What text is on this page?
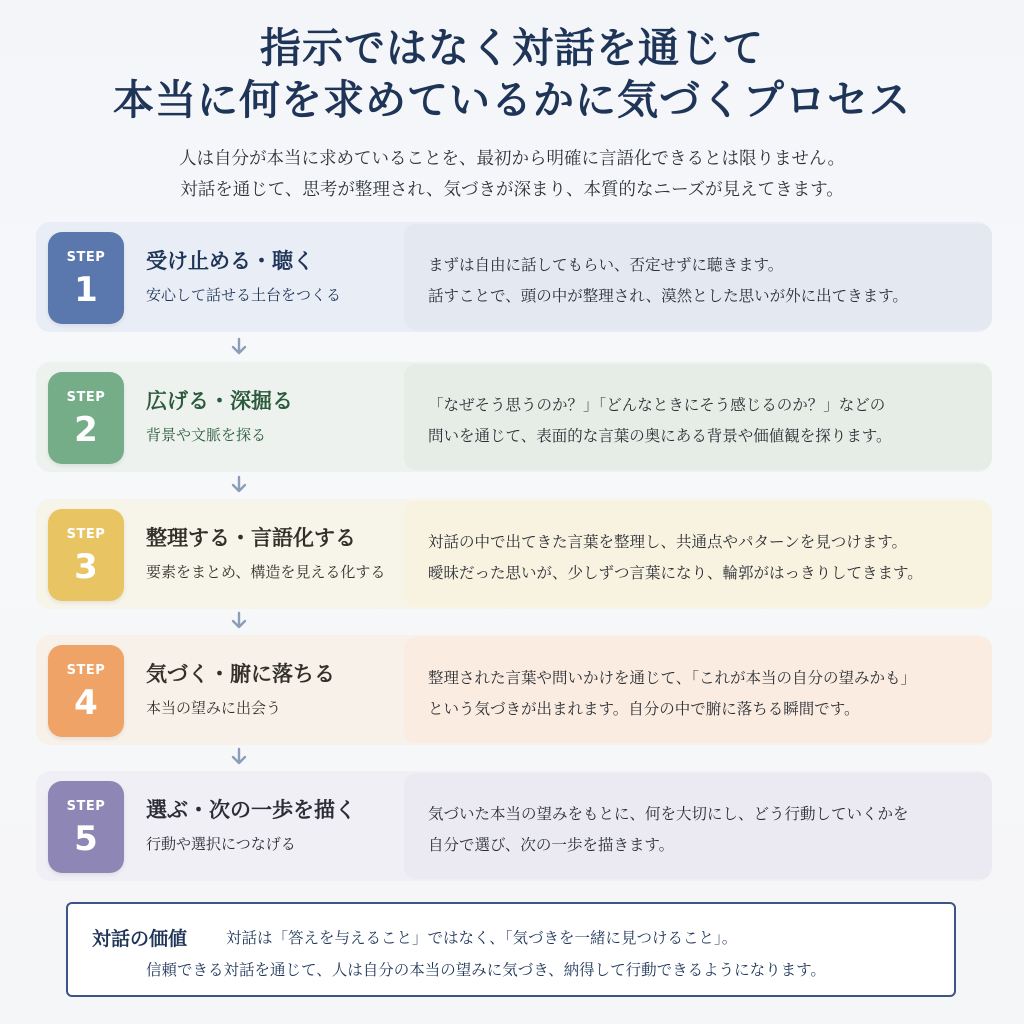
指示ではなく対話を通じて
本当に何を求めているかに気づくプロセス
人は自分が本当に求めていることを、最初から明確に言語化できるとは限りません。
対話を通じて、思考が整理され、気づきが深まり、本質的なニーズが見えてきます。
STEP
1
受け止める・聴く
安心して話せる土台をつくる
まずは自由に話してもらい、否定せずに聴きます。
話すことで、頭の中が整理され、漠然とした思いが外に出てきます。
STEP
2
広げる・深掘る
背景や文脈を探る
「なぜそう思うのか？」「どんなときにそう感じるのか？」などの
問いを通じて、表面的な言葉の奥にある背景や価値観を探ります。
STEP
3
整理する・言語化する
要素をまとめ、構造を見える化する
対話の中で出てきた言葉を整理し、共通点やパターンを見つけます。
曖昧だった思いが、少しずつ言葉になり、輪郭がはっきりしてきます。
STEP
4
気づく・腑に落ちる
本当の望みに出会う
整理された言葉や問いかけを通じて、「これが本当の自分の望みかも」
という気づきが出まれます。自分の中で腑に落ちる瞬間です。
STEP
5
選ぶ・次の一歩を描く
行動や選択につなげる
気づいた本当の望みをもとに、何を大切にし、どう行動していくかを
自分で選び、次の一歩を描きます。
対話の価値	対話は「答えを与えること」ではなく、「気づきを一緒に見つけること」。
信頼できる対話を通じて、人は自分の本当の望みに気づき、納得して行動できるようになります。
